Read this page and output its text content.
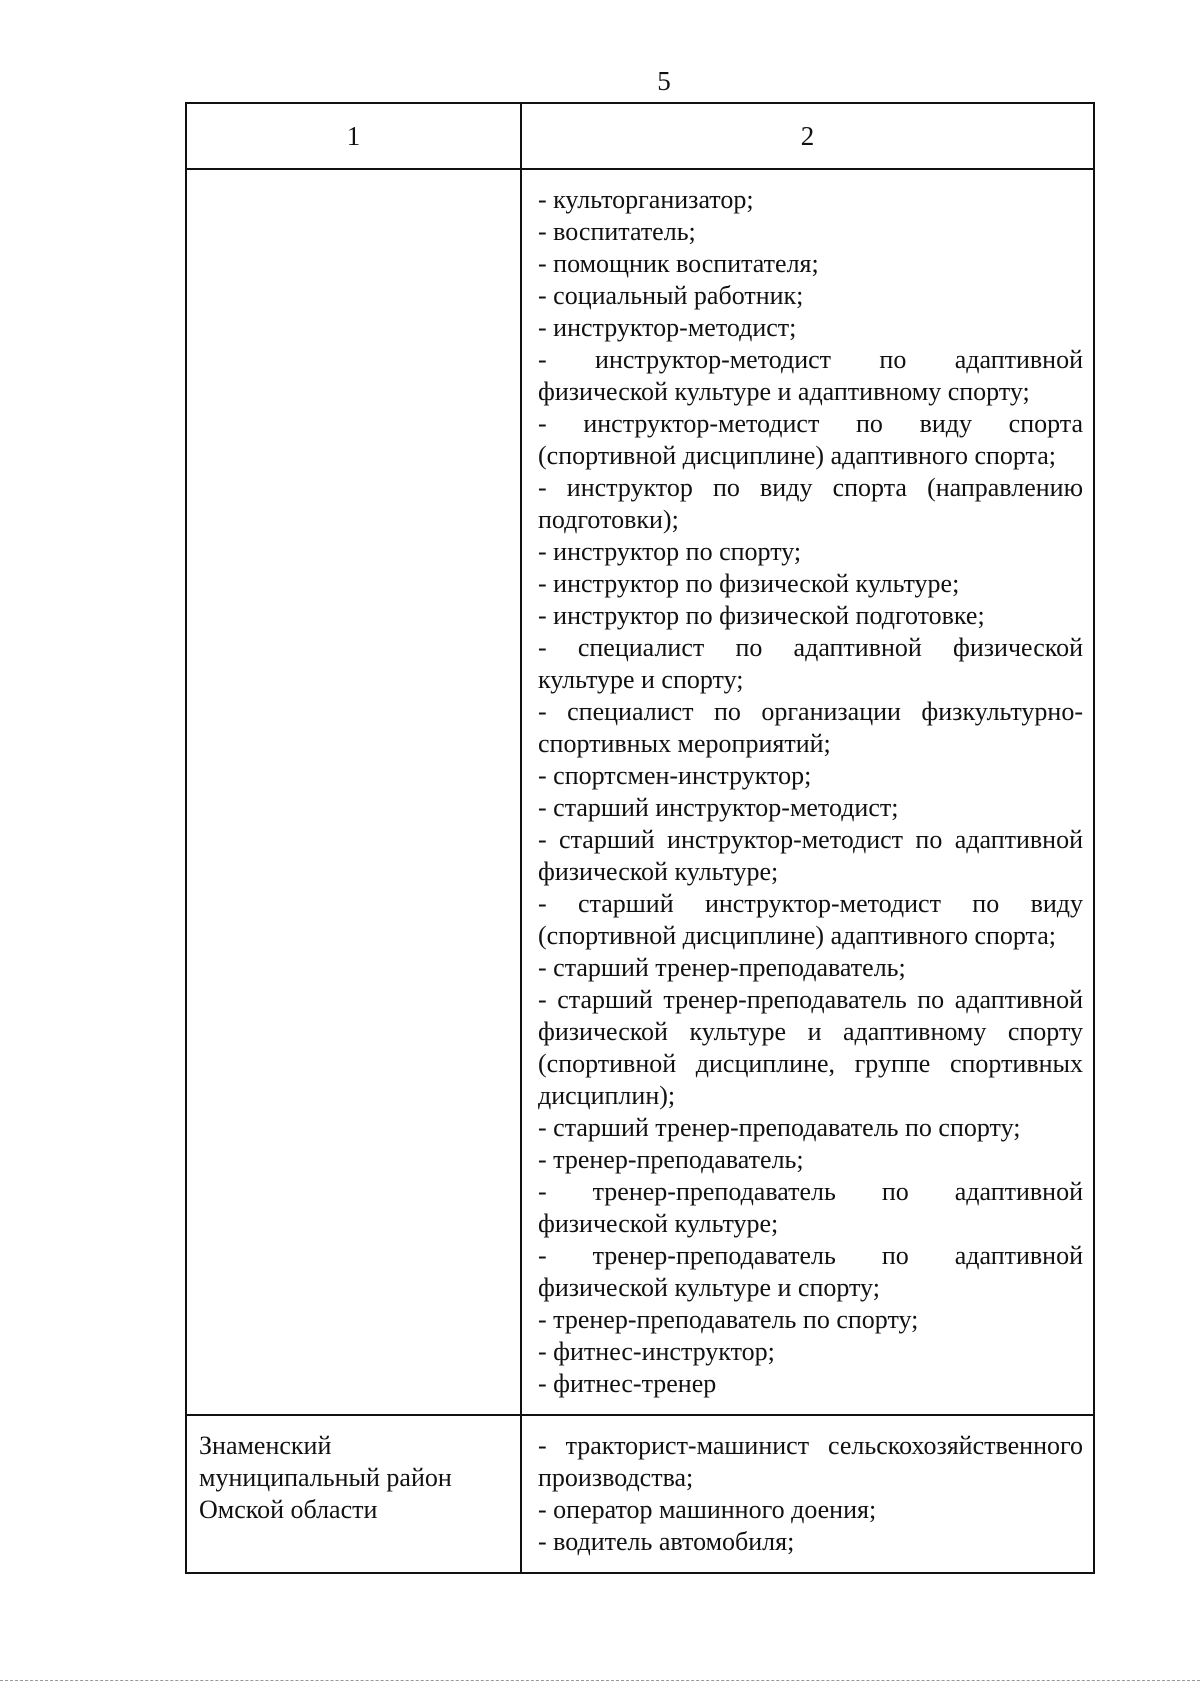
5
1	2
- культорганизатор;
- воспитатель;
- помощник воспитателя;
- социальный работник;
- инструктор-методист;
- инструктор-методист по адаптивной физической культуре и адаптивному спорту;
- инструктор-методист по виду спорта (спортивной дисциплине) адаптивного спорта;
- инструктор по виду спорта (направлению подготовки);
- инструктор по спорту;
- инструктор по физической культуре;
- инструктор по физической подготовке;
- специалист по адаптивной физической культуре и спорту;
- специалист по организации физкультурно-спортивных мероприятий;
- спортсмен-инструктор;
- старший инструктор-методист;
- старший инструктор-методист по адаптивной физической культуре;
- старший инструктор-методист по виду (спортивной дисциплине) адаптивного спорта;
- старший тренер-преподаватель;
- старший тренер-преподаватель по адаптивной физической культуре и адаптивному спорту (спортивной дисциплине, группе спортивных дисциплин);
- старший тренер-преподаватель по спорту;
- тренер-преподаватель;
- тренер-преподаватель по адаптивной физической культуре;
- тренер-преподаватель по адаптивной физической культуре и спорту;
- тренер-преподаватель по спорту;
- фитнес-инструктор;
- фитнес-тренер
Знаменский муниципальный район Омской области
- тракторист-машинист сельскохозяйственного производства;
- оператор машинного доения;
- водитель автомобиля;
